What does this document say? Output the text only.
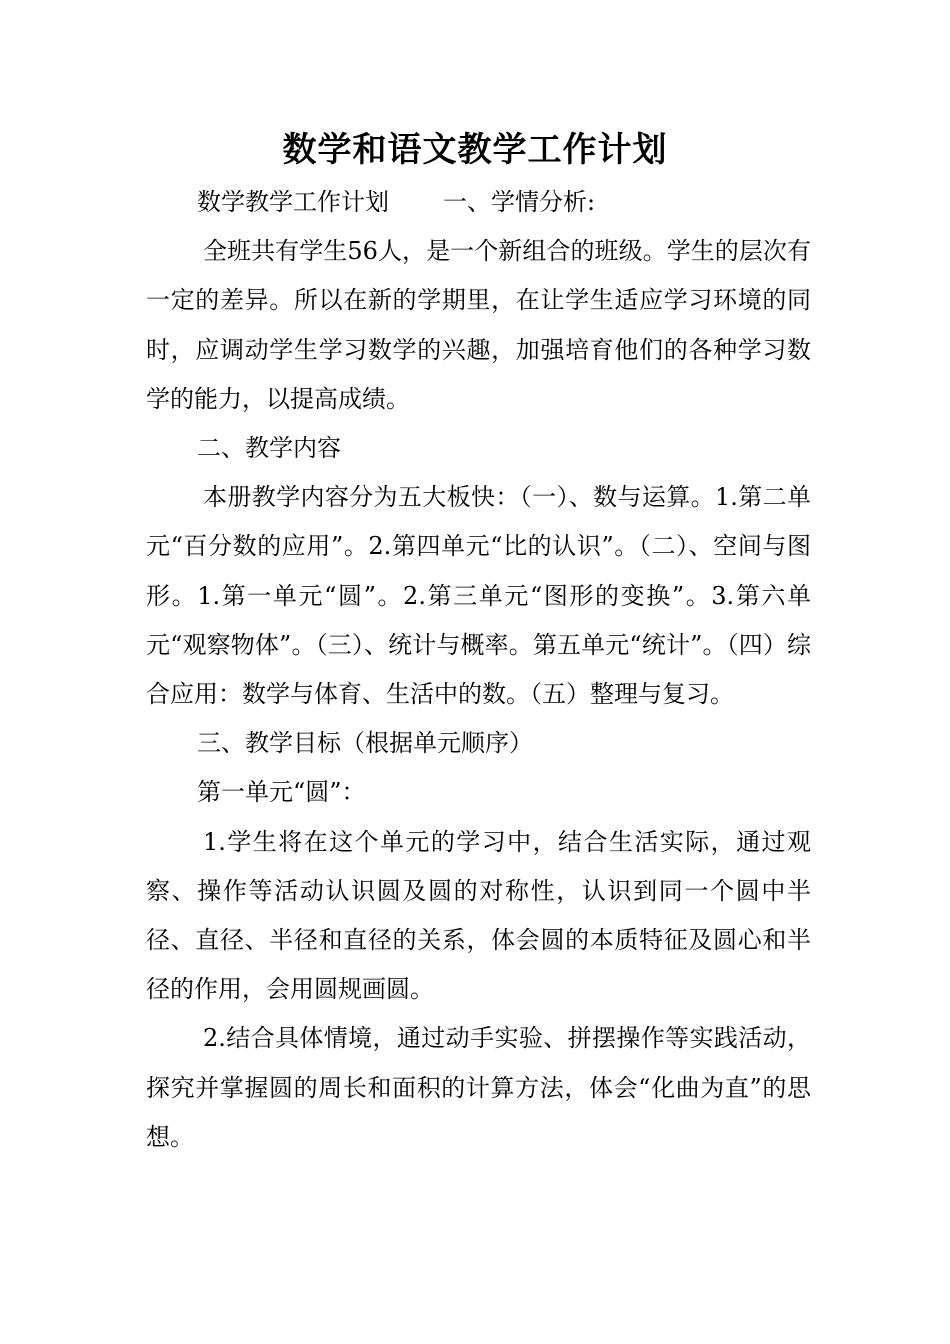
数学和语文教学工作计划

数学教学工作计划 一、学情分析:

全班共有学生56人，是一个新组合的班级。学生的层次有一定的差异。所以在新的学期里，在让学生适应学习环境的同时，应调动学生学习数学的兴趣，加强培育他们的各种学习数学的能力，以提高成绩。

二、教学内容

本册教学内容分为五大板快：（一）、数与运算。1.第二单元“百分数的应用”。2.第四单元“比的认识”。（二）、空间与图形。1.第一单元“圆”。2.第三单元“图形的变换”。3.第六单元“观察物体”。（三）、统计与概率。第五单元“统计”。（四）综合应用：数学与体育、生活中的数。（五）整理与复习。

三、教学目标（根据单元顺序）

第一单元“圆”：

1.学生将在这个单元的学习中，结合生活实际，通过观察、操作等活动认识圆及圆的对称性，认识到同一个圆中半径、直径、半径和直径的关系，体会圆的本质特征及圆心和半径的作用，会用圆规画圆。

2.结合具体情境，通过动手实验、拼摆操作等实践活动，探究并掌握圆的周长和面积的计算方法，体会“化曲为直”的思想。
